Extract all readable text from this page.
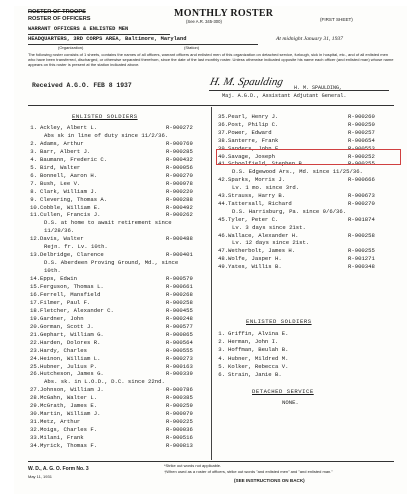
ROSTER OF TROOPS
ROSTER OF OFFICERS	MONTHLY ROSTER
(See A.R. 345-300)	(FIRST SHEET)
WARRANT OFFICERS & ENLISTED MEN
HEADQUARTERS, 3RD CORPS AREA, Baltimore, Maryland
(Organization)	(Station)
At midnight January 31, 1937
The following roster consists of 1 sheets, contains the names of all officers, warrant officers and enlisted men of this organization on detached service, furlough, sick in hospital, etc., and of all enlisted men who have been transferred, discharged, or otherwise separated therefrom, since the date of the last monthly roster. Unless otherwise indicated opposite his name each officer (and enlisted man) whose name appears on this roster is present at the station indicated above.
Received A.G.O. FEB 8 1937	H. M. Spaulding H. M. SPAULDING,
Maj. A.G.D., Assistant Adjutant General.
ENLISTED SOLDIERS
1. Ackley, Albert L.	R-900272
Abs sk in line of duty since 11/2/36.
2. Adams, Arthur	R-900769
3. Barr, Albert J.	R-900285
4. Baumann, Frederic C.	R-900432
5. Bird, Walter	R-900056
6. Bonnell, Aaron H.	R-900270
7. Bush, Lee V.	R-900978
8. Clark, William J.	R-900220
9. Clevering, Thomas A.	R-900288
10. Cobble, William E.	R-900492
11. Cullen, Francis J.	R-900262
D.S. at home to await retirement since
11/28/36.
12. Davis, Walter	R-900488
Rejn. fr. Lv. 10th.
13. Delbridge, Clarence	R-900401
D.S. Aberdeen Proving Ground, Md., since
10th.
14. Epps, Edwin	R-900579
15. Ferguson, Thomas L.	R-900661
16. Ferrell, Mansfield	R-900268
17. Filmer, Paul F.	R-900258
18. Fletcher, Alexander C.	R-900455
19. Gardner, John	R-900248
20. Gorman, Scott J.	R-900577
21. Gephart, William G.	R-900865
22. Harden, Dolores R.	R-900564
23. Hardy, Charles	R-900555
24. Heinon, William L.	R-900273
25. Hubner, Julius P.	R-900163
26. Hutcheson, James G.	R-900339
Abs. sk. in L.O.D., D.C. since 22nd.
27. Johnson, William J.	R-900786
28. McGahn, Walter L.	R-900385
29. McGrath, James E.	R-900259
30. Martin, William J.	R-900079
31. Metz, Arthur	R-900225
32. Moigs, Charles F.	R-900036
33. Milani, Frank	R-900516
34. Myrick, Thomas F.	R-900813
35. Pearl, Henry J.	R-900260
36. Post, Philip C.	R-900250
37. Power, Edward	R-900257
38. Santerre, Frank	R-900654
39. Sanders, John E.	R-900553
40. Savage, Joseph	R-900252
41. Schoolfield, Stephen B.	R-900255
D.S. Edgewood Ars., Md. since 11/25/36.
42. Sparks, Morris J.	R-900666
Lv. 1 mo. since 3rd.
43. Strauss, Harry B.	R-900673
44. Tattersall, Richard	R-900270
D.S. Harrisburg, Pa. since 9/6/36.
45. Tyler, Peter C.	R-901874
Lv. 3 days since 21st.
46. Wallace, Alexander H.	R-900258
Lv. 12 days since 21st.
47. Wetherbolt, James H.	R-900255
48. Wolfe, Jasper H.	R-901271
49. Yates, Willis B.	R-900348
ENLISTED SOLDIERS
1. Griffin, Alvina E.
2. Herman, John I.
3. Hoffman, Beulah B.
4. Hubner, Mildred M.
5. Kolker, Rebecca V.
6. Strain, Janie B.
DETACHED SERVICE
NONE.
W. D., A. G. O. Form No. 3
May 11, 1931
*Strike out words not applicable.
†When used as a roster of officers, strike out words "and enlisted men" and "and enlisted man."
(SEE INSTRUCTIONS ON BACK)
